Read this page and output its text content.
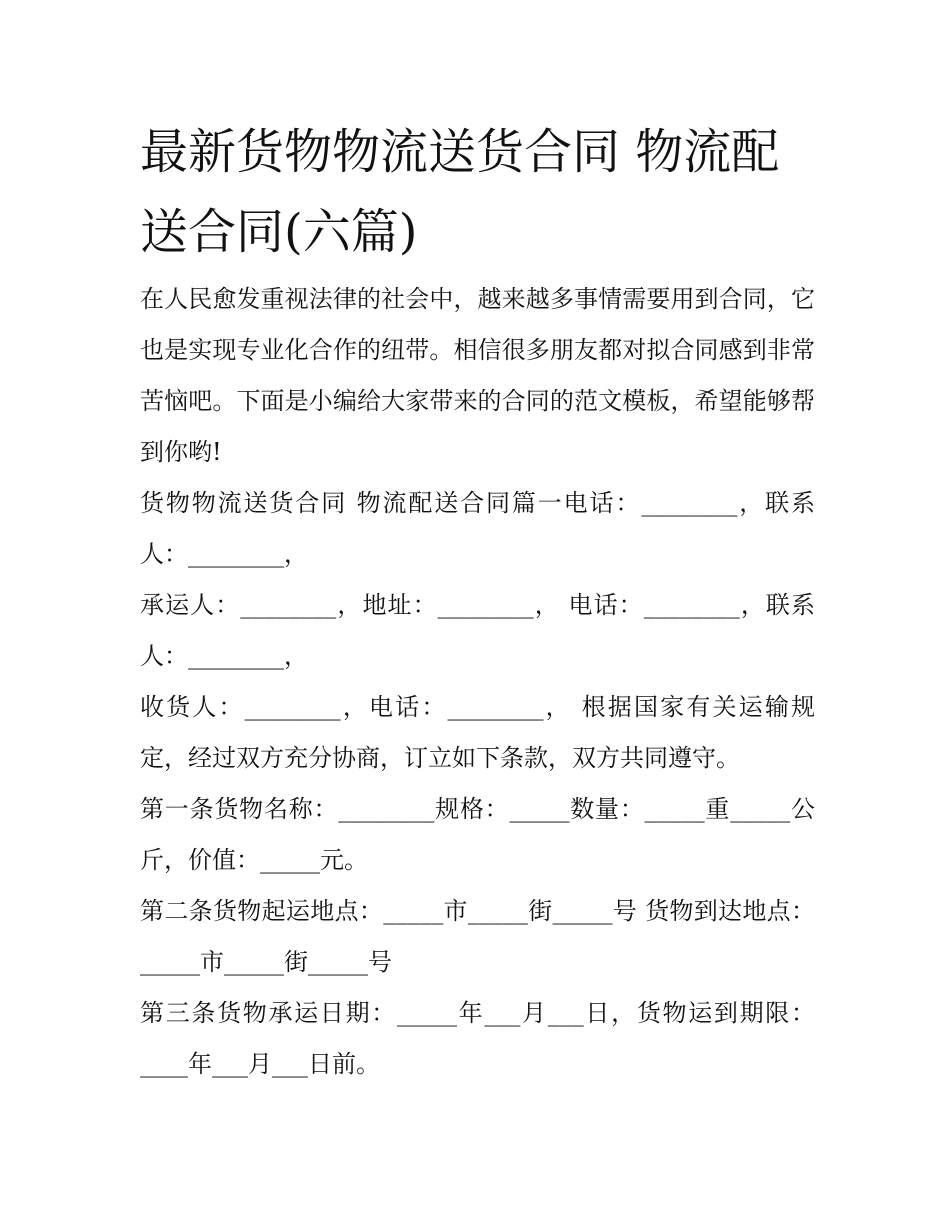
最新货物物流送货合同 物流配送合同(六篇)

在人民愈发重视法律的社会中，越来越多事情需要用到合同，它也是实现专业化合作的纽带。相信很多朋友都对拟合同感到非常苦恼吧。下面是小编给大家带来的合同的范文模板，希望能够帮到你哟!

货物物流送货合同 物流配送合同篇一电话：________，联系人：________，

承运人：________，地址：________， 电话：________，联系人：________，

收货人：________，电话：________， 根据国家有关运输规定，经过双方充分协商，订立如下条款，双方共同遵守。

第一条货物名称：________规格：_____数量：_____重_____公斤，价值：_____元。

第二条货物起运地点：_____市_____街_____号 货物到达地点：_____市_____街_____号

第三条货物承运日期：_____年___月___日，货物运到期限：____年___月___日前。
